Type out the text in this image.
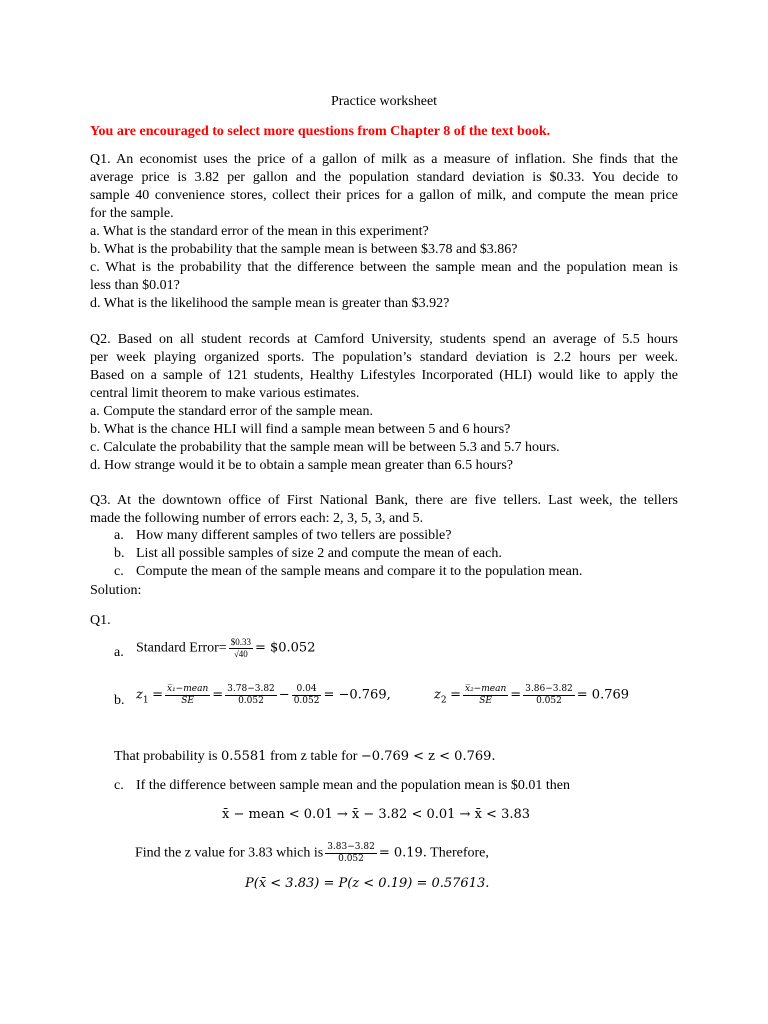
Practice worksheet
You are encouraged to select more questions from Chapter 8 of the text book.
Q1. An economist uses the price of a gallon of milk as a measure of inflation. She finds that the
average price is 3.82 per gallon and the population standard deviation is $0.33. You decide to
sample 40 convenience stores, collect their prices for a gallon of milk, and compute the mean price
for the sample.
a. What is the standard error of the mean in this experiment?
b. What is the probability that the sample mean is between $3.78 and $3.86?
c. What is the probability that the difference between the sample mean and the population mean is
less than $0.01?
d. What is the likelihood the sample mean is greater than $3.92?
Q2. Based on all student records at Camford University, students spend an average of 5.5 hours
per week playing organized sports. The population’s standard deviation is 2.2 hours per week.
Based on a sample of 121 students, Healthy Lifestyles Incorporated (HLI) would like to apply the
central limit theorem to make various estimates.
a. Compute the standard error of the sample mean.
b. What is the chance HLI will find a sample mean between 5 and 6 hours?
c. Calculate the probability that the sample mean will be between 5.3 and 5.7 hours.
d. How strange would it be to obtain a sample mean greater than 6.5 hours?
Q3. At the downtown office of First National Bank, there are five tellers. Last week, the tellers
made the following number of errors each: 2, 3, 5, 3, and 5.
a. How many different samples of two tellers are possible?
b. List all possible samples of size 2 and compute the mean of each.
c. Compute the mean of the sample means and compare it to the population mean.
Solution:
Q1.
a. Standard Error= $\frac{\$0.33}{√40}$ = $0.052
b. $z_1 = \frac{\text{x̅₁−mean}}{SE} = \frac{3.78-3.82}{0.052} - \frac{0.04}{0.052} = -0.769$,	$z_2 = \frac{\text{x̅₂−mean}}{SE} = \frac{3.86-3.82}{0.052} = 0.769$
That probability is 0.5581 from z table for −0.769 < z < 0.769.
c. If the difference between sample mean and the population mean is $0.01 then
x̄ − mean < 0.01 → x̄ − 3.82 < 0.01 → x̄ < 3.83
Find the z value for 3.83 which is $\frac{3.83-3.82}{0.052} = 0.19$. Therefore,
P(x̄ < 3.83) = P(z < 0.19) = 0.57613.
